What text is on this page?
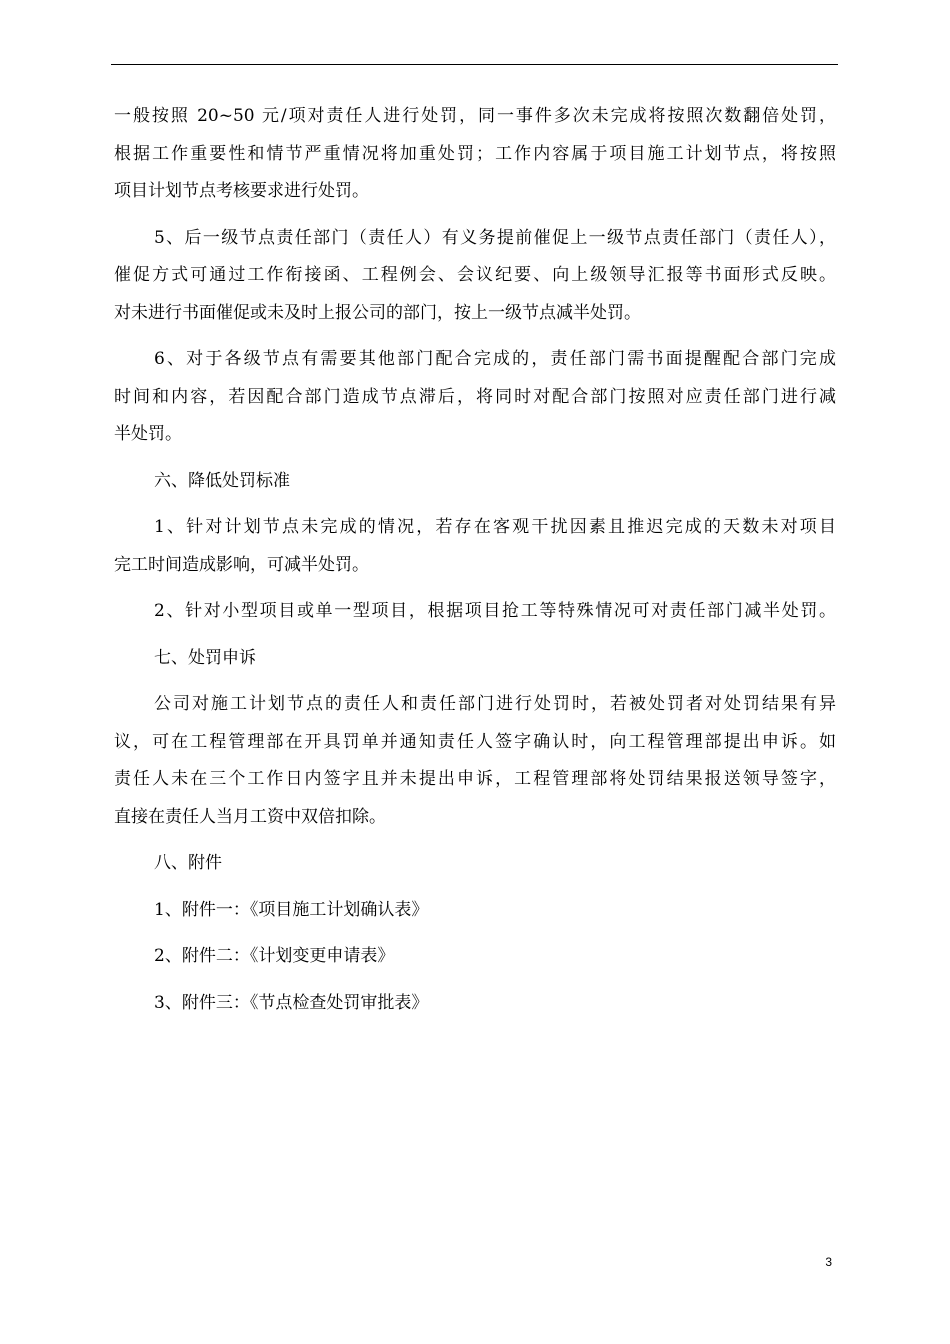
一般按照 20~50 元/项对责任人进行处罚，同一事件多次未完成将按照次数翻倍处罚，
根据工作重要性和情节严重情况将加重处罚；工作内容属于项目施工计划节点，将按照
项目计划节点考核要求进行处罚。
5、后一级节点责任部门（责任人）有义务提前催促上一级节点责任部门（责任人），
催促方式可通过工作衔接函、工程例会、会议纪要、向上级领导汇报等书面形式反映。
对未进行书面催促或未及时上报公司的部门，按上一级节点减半处罚。
6、对于各级节点有需要其他部门配合完成的，责任部门需书面提醒配合部门完成
时间和内容，若因配合部门造成节点滞后，将同时对配合部门按照对应责任部门进行减
半处罚。
六、降低处罚标准
1、针对计划节点未完成的情况，若存在客观干扰因素且推迟完成的天数未对项目
完工时间造成影响，可减半处罚。
2、针对小型项目或单一型项目，根据项目抢工等特殊情况可对责任部门减半处罚。
七、处罚申诉
公司对施工计划节点的责任人和责任部门进行处罚时，若被处罚者对处罚结果有异
议，可在工程管理部在开具罚单并通知责任人签字确认时，向工程管理部提出申诉。如
责任人未在三个工作日内签字且并未提出申诉，工程管理部将处罚结果报送领导签字，
直接在责任人当月工资中双倍扣除。
八、附件
1、附件一：《项目施工计划确认表》
2、附件二：《计划变更申请表》
3、附件三：《节点检查处罚审批表》
3
